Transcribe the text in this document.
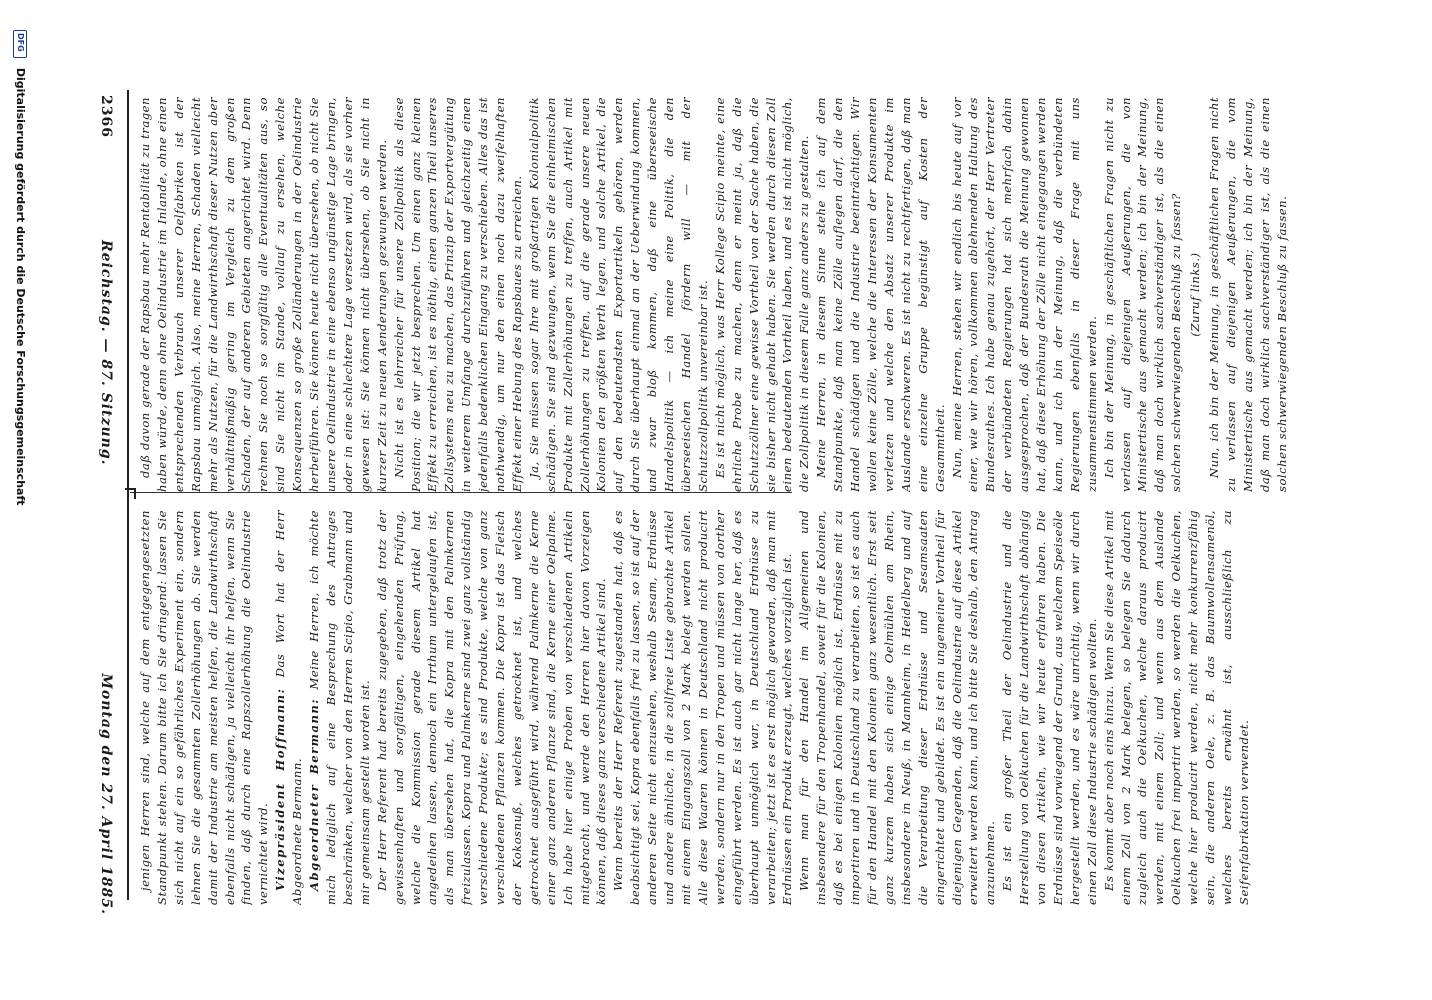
2366
Reichstag. — 87. Sitzung.
Montag den 27. April 1885.

daß davon gerade der Rapsbau mehr Rentabilität zu tragen haben würde, denn ohne Oelindustrie im Inlande, ohne einen entsprechenden Verbrauch unserer Oelfabriken ist der Rapsbau unmöglich. Also, meine Herren, Schaden vielleicht mehr als Nutzen, für die Landwirthschaft dieser Nutzen aber verhältnißmäßig gering im Vergleich zu dem großen Schaden, der auf anderen Gebieten angerichtet wird. Denn rechnen Sie noch so sorgfältig alle Eventualitäten aus, so sind Sie nicht im Stande, vollauf zu ersehen, welche Konsequenzen so große Zolländerungen in der Oelindustrie herbeiführen. Sie können heute nicht übersehen, ob nicht Sie unsere Oelindustrie in eine ebenso ungünstige Lage bringen, oder in eine schlechtere Lage versetzen wird, als sie vorher gewesen ist: Sie können nicht übersehen, ob Sie nicht in kurzer Zeit zu neuen Aenderungen gezwungen werden. Nicht ist es lehrreicher für unsere Zollpolitik als diese Position; die wir jetzt besprechen. Um einen ganz kleinen Effekt zu erreichen, ist es nöthig, einen ganzen Theil unseres Zollsystems neu zu machen, das Prinzip der Exportvergütung in weiterem Umfange durchzuführen und gleichzeitig einen jedenfalls bedenklichen Eingang zu verschieben. Alles das ist nothwendig, um nur den einen noch dazu zweifelhaften Effekt einer Hebung des Rapsbaues zu erreichen. Ja, Sie müssen sogar Ihre mit großartigen Kolonialpolitik schädigen. Sie sind gezwungen, wenn Sie die einheimischen Produkte mit Zollerhöhungen zu treffen, auch Artikel mit Zollerhöhungen zu treffen, auf die gerade unsere neuen Kolonien den größten Werth legen, und solche Artikel, die auf den bedeutendsten Exportartikeln gehören, werden durch Sie überhaupt einmal an der Ueberwindung kommen, und zwar bloß kommen, daß eine überseeische Handelspolitik — ich meine eine Politik, die den überseeischen Handel fördern will — mit der Schutzzollpolitik unvereinbar ist. Es ist nicht möglich, was Herr Kollege Scipio meinte, eine ehrliche Probe zu machen, denn er meint ja, daß die Schutzzöllner eine gewisse Vortheil von der Sache haben, die sie bisher nicht gehabt haben. Sie werden durch diesen Zoll einen bedeutenden Vortheil haben, und es ist nicht möglich, die Zollpolitik in diesem Falle ganz anders zu gestalten. Meine Herren, in diesem Sinne stehe ich auf dem Standpunkte, daß man keine Zölle auflegen darf, die den Handel schädigen und die Industrie beeinträchtigen. Wir wollen keine Zölle, welche die Interessen der Konsumenten verletzen und welche den Absatz unserer Produkte im Auslande erschweren. Es ist nicht zu rechtfertigen, daß man eine einzelne Gruppe begünstigt auf Kosten der Gesammtheit. Nun, meine Herren, stehen wir endlich bis heute auf vor einer, wie wir hören, vollkommen ablehnenden Haltung des Bundesrathes. Ich habe genau zugehört, der Herr Vertreter der verbündeten Regierungen hat sich mehrfach dahin ausgesprochen, daß der Bundesrath die Meinung gewonnen hat, daß diese Erhöhung der Zölle nicht eingegangen werden kann, und ich bin der Meinung, daß die verbündeten Regierungen ebenfalls in dieser Frage mit uns zusammenstimmen werden. Ich bin der Meinung, in geschäftlichen Fragen nicht zu verlassen auf diejenigen Aeußerungen, die von Ministertische aus gemacht werden; ich bin der Meinung, daß man doch wirklich sachverständiger ist, als die einen solchen schwerwiegenden Beschluß zu fassen? (Zuruf links.) Nun, ich bin der Meinung, in geschäftlichen Fragen nicht zu verlassen auf diejenigen Aeußerungen, die vom Ministertische aus gemacht werden; ich bin der Meinung, daß man doch wirklich sachverständiger ist, als die einen solchen schwerwiegenden Beschluß zu fassen.

jenigen Herren sind, welche auf dem entgegengesetzten Standpunkt stehen. Darum bitte ich Sie dringend: lassen Sie sich nicht auf ein so gefährliches Experiment ein, sondern lehnen Sie die gesammten Zollerhöhungen ab. Sie werden damit der Industrie am meisten helfen, die Landwirthschaft ebenfalls nicht schädigen, ja vielleicht ihr helfen, wenn Sie finden, daß durch eine Rapszollerhöhung die Oelindustrie vernichtet wird. Vizepräsident Hoffmann: Das Wort hat der Herr Abgeordnete Bermann. Abgeordneter Bermann: Meine Herren, ich möchte mich lediglich auf eine Besprechung des Antrages beschränken, welcher von den Herren Scipio, Grabmann und mir gemeinsam gestellt worden ist. Der Herr Referent hat bereits zugegeben, daß trotz der gewissenhaften und sorgfältigen, eingehenden Prüfung, welche die Kommission gerade diesem Artikel hat angedeihen lassen, dennoch ein Irrthum untergelaufen ist, als man übersehen hat, die Kopra mit den Palmkernen freizulassen. Kopra und Palmkerne sind zwei ganz vollständig verschiedene Produkte; es sind Produkte, welche von ganz verschiedenen Pflanzen kommen. Die Kopra ist das Fleisch der Kokosnuß, welches getrocknet ist, und welches getrocknet ausgeführt wird, während Palmkerne die Kerne einer ganz anderen Pflanze sind, die Kerne einer Oelpalme. Ich habe hier einige Proben von verschiedenen Artikeln mitgebracht, und werde den Herren hier davon Vorzeigen können, daß dieses ganz verschiedene Artikel sind. Wenn bereits der Herr Referent zugestanden hat, daß es beabsichtigt sei, Kopra ebenfalls frei zu lassen, so ist auf der anderen Seite nicht einzusehen, weshalb Sesam, Erdnüsse und andere ähnliche, in die zollfreie Liste gebrachte Artikel mit einem Eingangszoll von 2 Mark belegt werden sollen. Alle diese Waaren können in Deutschland nicht producirt werden, sondern nur in den Tropen und müssen von dorther eingeführt werden. Es ist auch gar nicht lange her, daß es überhaupt unmöglich war, in Deutschland Erdnüsse zu verarbeiten; jetzt ist es erst möglich geworden, daß man mit Erdnüssen ein Produkt erzeugt, welches vorzüglich ist. Wenn man für den Handel im Allgemeinen und insbesondere für den Tropenhandel, soweit für die Kolonien, daß es bei einigen Kolonien möglich ist, Erdnüsse mit zu importiren und in Deutschland zu verarbeiten, so ist es auch für den Handel mit den Kolonien ganz wesentlich. Erst seit ganz kurzem haben sich einige Oelmühlen am Rhein, insbesondere in Neuß, in Mannheim, in Heidelberg und auf die Verarbeitung dieser Erdnüsse und Sesamsaaten eingerichtet und gebildet. Es ist ein ungemeiner Vortheil für diejenigen Gegenden, daß die Oelindustrie auf diese Artikel erweitert werden kann, und ich bitte Sie deshalb, den Antrag anzunehmen. Es ist ein großer Theil der Oelindustrie und die Herstellung von Oelkuchen für die Landwirthschaft abhängig von diesen Artikeln, wie wir heute erfahren haben. Die Erdnüsse sind vorwiegend der Grund, aus welchem Speiseöle hergestellt werden, und es wäre unrichtig, wenn wir durch einen Zoll diese Industrie schädigen wollten. Es kommt aber noch eins hinzu. Wenn Sie diese Artikel mit einem Zoll von 2 Mark belegen, so belegen Sie dadurch zugleich auch die Oelkuchen, welche daraus producirt werden, mit einem Zoll; und wenn aus dem Auslande Oelkuchen frei importirt werden, so werden die Oelkuchen, welche hier producirt werden, nicht mehr konkurrenzfähig sein, die anderen Oele, z. B. das Baumwollensamenöl, welches bereits erwähnt ist, ausschließlich zu Seifenfabrikation verwendet.

DFG
Digitalisierung gefördert durch die Deutsche Forschungsgemeinschaft
